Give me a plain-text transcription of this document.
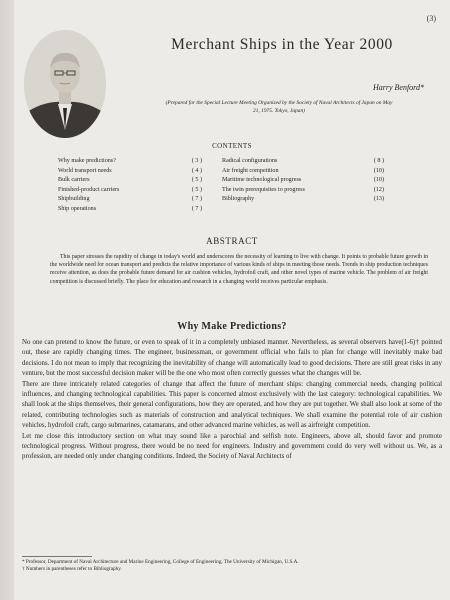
(3)
Merchant Ships in the Year 2000
Harry Benford*
(Prepared for the Special Lecture Meeting Organized by the Society of Naval Architects of Japan on May 21, 1975. Tokyo, Japan)
CONTENTS
Why make predictions?	( 3 )
World transport needs	( 4 )
Bulk carriers	( 5 )
Finished-product carriers	( 5 )
Shipbuilding	( 7 )
Ship operations	( 7 )
Radical configurations	( 8 )
Air freight competition	(10)
Maritime technological progress	(10)
The twin prerequisites to progress	(12)
Bibliography	(13)
ABSTRACT
This paper stresses the rapidity of change in today's world and underscores the necessity of learning to live with change. It points to probable future growth in the worldwide need for ocean transport and predicts the relative importance of various kinds of ships in meeting those needs. Trends in ship production techniques receive attention, as does the probable future demand for air cushion vehicles, hydrofoil craft, and other novel types of marine vehicle. The problem of air freight competition is discussed briefly. The place for education and research in a changing world receives particular emphasis.
Why Make Predictions?

No one can pretend to know the future, or even to speak of it in a completely unbiased manner. Nevertheless, as several observers have(1-6)† pointed out, these are rapidly changing times. The engineer, businessman, or government official who fails to plan for change will inevitably make bad decisions. I do not mean to imply that recognizing the inevitability of change will automatically lead to good decisions. There are still great risks in any venture, but the most successful decision maker will be the one who most often correctly guesses what the changes will be.

There are three intricately related categories of change that affect the future of merchant ships: changing commercial needs, changing political influences, and changing technological capabilities. This paper is concerned almost exclusively with the last category: technological capabilities. We shall look at the ships themselves, their general configurations, how they are operated, and how they are put together. We shall also look at some of the related, contributing technologies such as materials of construction and analytical techniques. We shall examine the potential role of air cushion vehicles, hydrofoil craft, cargo submarines, catamarans, and other advanced marine vehicles, as well as airfreight competition.

Let me close this introductory section on what may sound like a parochial and selfish note. Engineers, above all, should favor and promote technological progress. Without progress, there would be no need for engineers. Industry and government could do very well without us. We, as a profession, are needed only under changing conditions. Indeed, the Society of Naval Architects of

* Professor, Department of Naval Architecture and Marine Engineering, College of Engineering, The University of Michigan, U.S.A.
† Numbers in parentheses refer to Bibliography.
